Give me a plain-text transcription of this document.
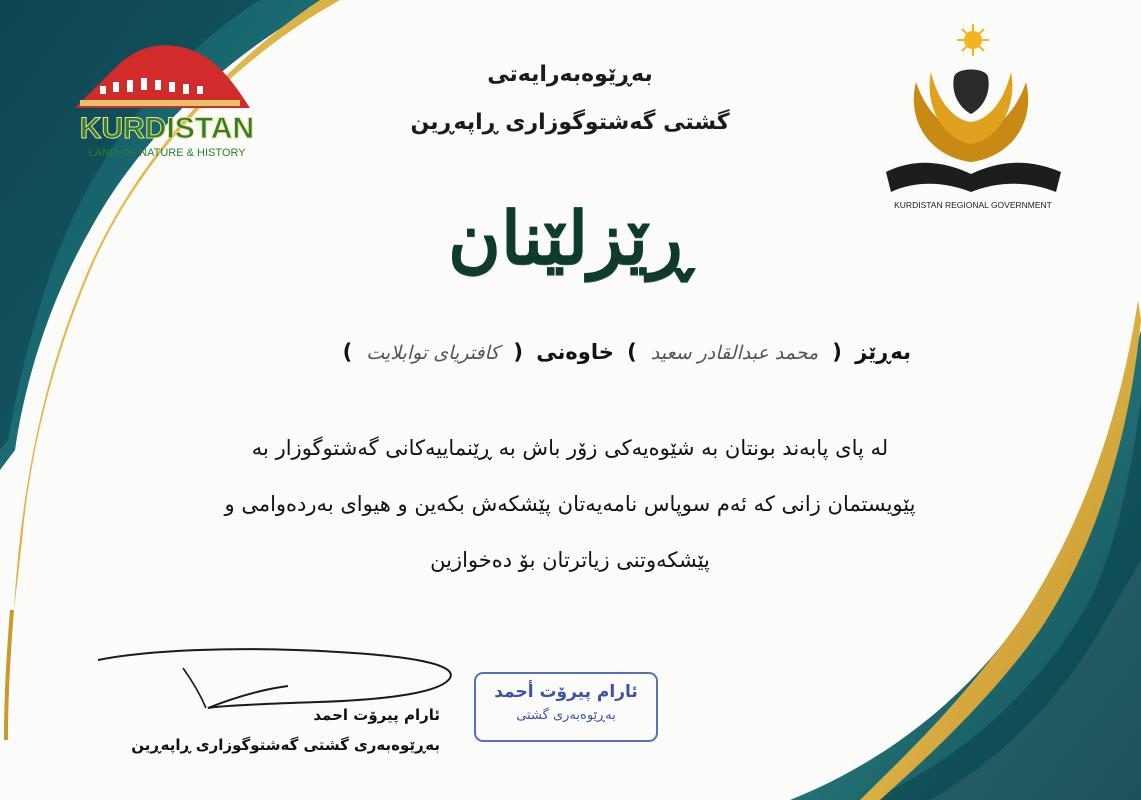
KURDISTAN
LAND OF NATURE & HISTORY
KURDISTAN REGIONAL GOVERNMENT
بەڕێوەبەرایەتی
گشتی گەشتوگوزاری ڕاپەڕین
ڕێزلێنان
بەڕێز (محمد عبدالقادر سعید) خاوەنی (کافتریای توابلایت)

لە پای پابەند بونتان بە شێوەیەکی زۆر باش بە ڕێنماییەکانی گەشتوگوزار بە

پێویستمان زانی کە ئەم سوپاس نامەیەتان پێشکەش بکەین و هیوای بەردەوامی و

پێشکەوتنی زیاترتان بۆ دەخوازین

ئارام پیرۆت احمد
بەڕێوەبەری گشتی گەشتوگوزاری ڕاپەڕین
ئارام پیرۆت أحمد
بەڕێوەبەری گشتی
